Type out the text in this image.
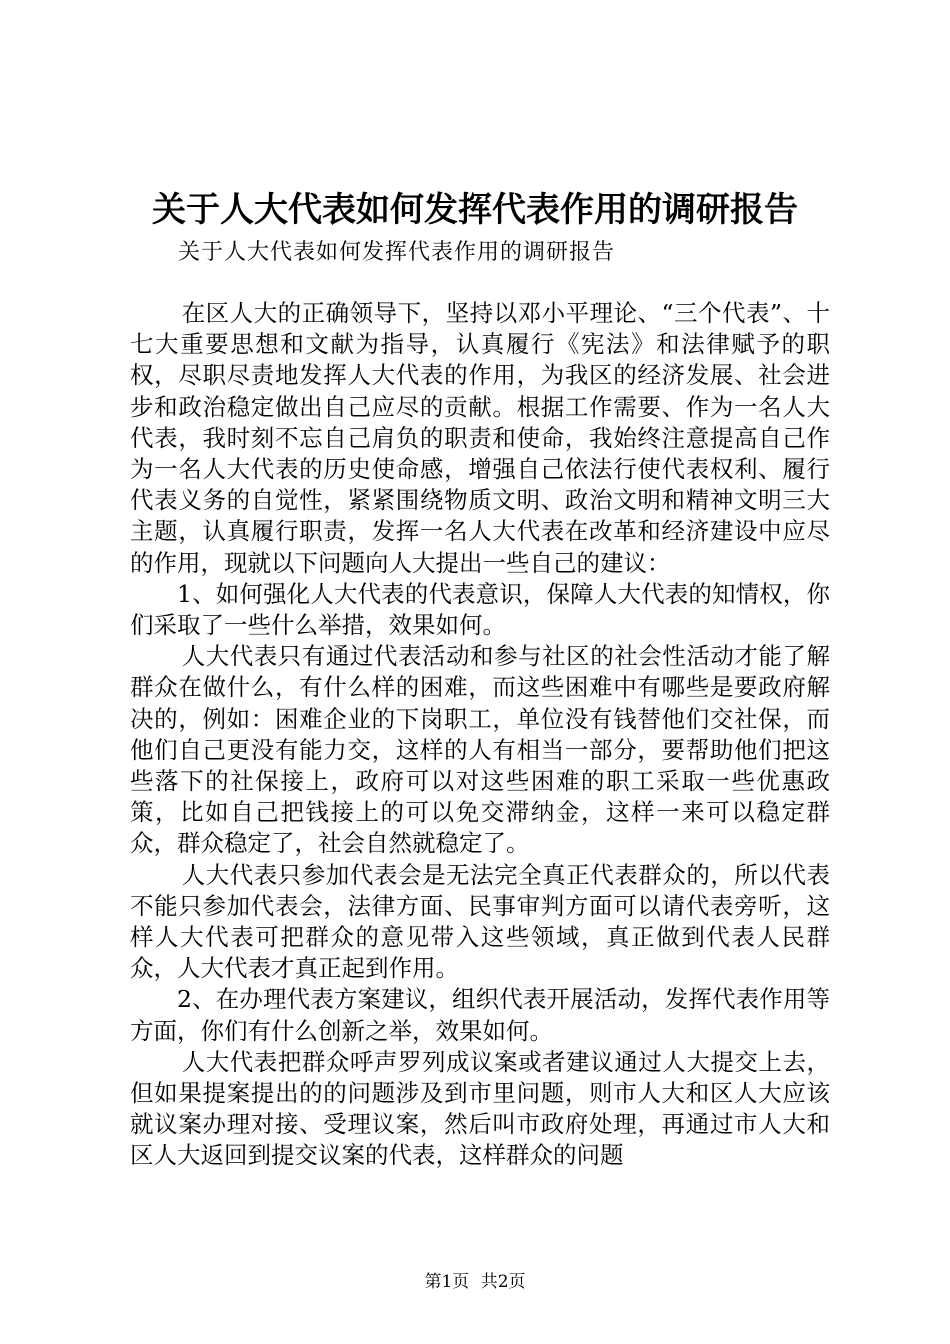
关于人大代表如何发挥代表作用的调研报告

关于人大代表如何发挥代表作用的调研报告

在区人大的正确领导下，坚持以邓小平理论、“三个代表”、十七大重要思想和文献为指导，认真履行《宪法》和法律赋予的职权，尽职尽责地发挥人大代表的作用，为我区的经济发展、社会进步和政治稳定做出自己应尽的贡献。根据工作需要、作为一名人大代表，我时刻不忘自己肩负的职责和使命，我始终注意提高自己作为一名人大代表的历史使命感，增强自己依法行使代表权利、履行代表义务的自觉性，紧紧围绕物质文明、政治文明和精神文明三大主题，认真履行职责，发挥一名人大代表在改革和经济建设中应尽的作用，现就以下问题向人大提出一些自己的建议：

1、如何强化人大代表的代表意识，保障人大代表的知情权，你们采取了一些什么举措，效果如何。

人大代表只有通过代表活动和参与社区的社会性活动才能了解群众在做什么，有什么样的困难，而这些困难中有哪些是要政府解决的，例如：困难企业的下岗职工，单位没有钱替他们交社保，而他们自己更没有能力交，这样的人有相当一部分，要帮助他们把这些落下的社保接上，政府可以对这些困难的职工采取一些优惠政策，比如自己把钱接上的可以免交滞纳金，这样一来可以稳定群众，群众稳定了，社会自然就稳定了。

人大代表只参加代表会是无法完全真正代表群众的，所以代表不能只参加代表会，法律方面、民事审判方面可以请代表旁听，这样人大代表可把群众的意见带入这些领域，真正做到代表人民群众，人大代表才真正起到作用。

2、在办理代表方案建议，组织代表开展活动，发挥代表作用等方面，你们有什么创新之举，效果如何。

人大代表把群众呼声罗列成议案或者建议通过人大提交上去，但如果提案提出的的问题涉及到市里问题，则市人大和区人大应该就议案办理对接、受理议案，然后叫市政府处理，再通过市人大和区人大返回到提交议案的代表，这样群众的问题

第1页 共2页
